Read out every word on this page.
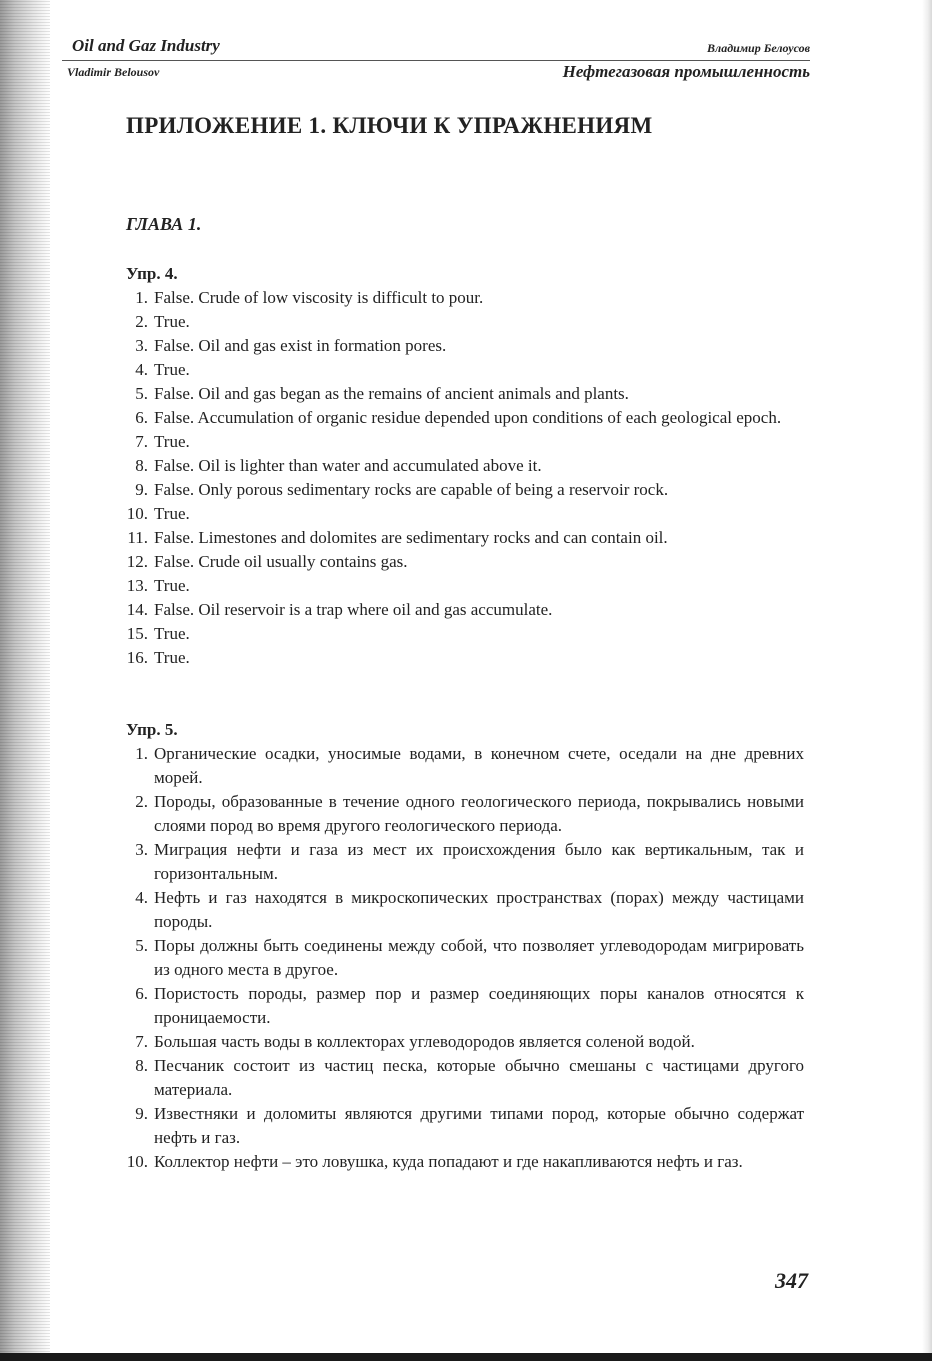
Oil and Gaz Industry	Владимир Белоусов
Vladimir Belousov	Нефтегазовая промышленность
ПРИЛОЖЕНИЕ 1. КЛЮЧИ К УПРАЖНЕНИЯМ
ГЛАВА 1.
Упр. 4.
1. False. Crude of low viscosity is difficult to pour.
2. True.
3. False. Oil and gas exist in formation pores.
4. True.
5. False. Oil and gas began as the remains of ancient animals and plants.
6. False. Accumulation of organic residue depended upon conditions of each geological epoch.
7. True.
8. False. Oil is lighter than water and accumulated above it.
9. False. Only porous sedimentary rocks are capable of being a reservoir rock.
10. True.
11. False. Limestones and dolomites are sedimentary rocks and can contain oil.
12. False. Crude oil usually contains gas.
13. True.
14. False. Oil reservoir is a trap where oil and gas accumulate.
15. True.
16. True.
Упр. 5.
1. Органические осадки, уносимые водами, в конечном счете, оседали на дне древних морей.
2. Породы, образованные в течение одного геологического периода, покрывались новыми слоями пород во время другого геологического периода.
3. Миграция нефти и газа из мест их происхождения было как вертикальным, так и горизонтальным.
4. Нефть и газ находятся в микроскопических пространствах (порах) между частицами породы.
5. Поры должны быть соединены между собой, что позволяет углеводородам мигрировать из одного места в другое.
6. Пористость породы, размер пор и размер соединяющих поры каналов относятся к проницаемости.
7. Большая часть воды в коллекторах углеводородов является соленой водой.
8. Песчаник состоит из частиц песка, которые обычно смешаны с частицами другого материала.
9. Известняки и доломиты являются другими типами пород, которые обычно содержат нефть и газ.
10. Коллектор нефти – это ловушка, куда попадают и где накапливаются нефть и газ.
347
